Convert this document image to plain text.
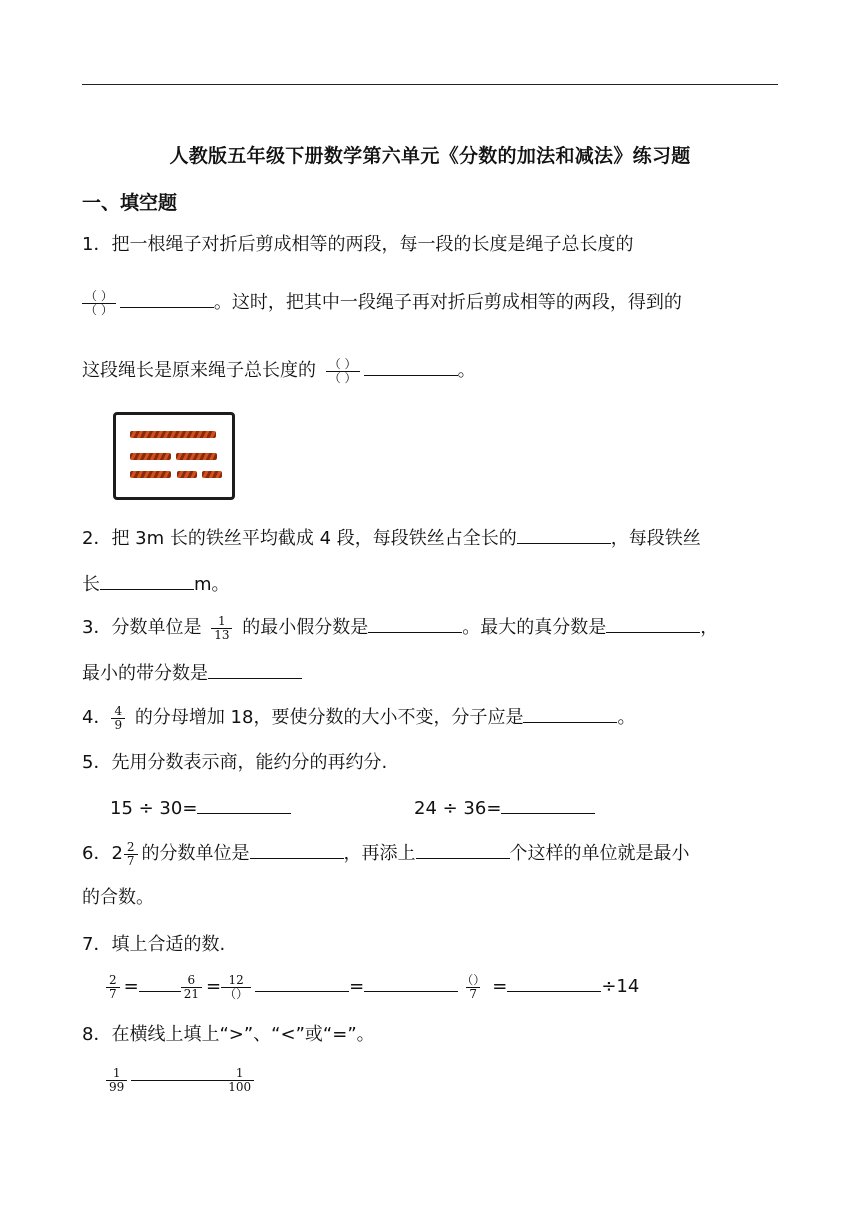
人教版五年级下册数学第六单元《分数的加法和减法》练习题
一、填空题
1．把一根绳子对折后剪成相等的两段，每一段的长度是绳子总长度的
$\frac{( )}{( )}$	。这时，把其中一段绳子再对折后剪成相等的两段，得到的
这段绳长是原来绳子总长度的 $\frac{( )}{( )}$	。
2．把 3m 长的铁丝平均截成 4 段，每段铁丝占全长的	，每段铁丝
长	m。
3．分数单位是 $\frac{1}{13}$ 的最小假分数是	。最大的真分数是	，
最小的带分数是
4． $\frac{4}{9}$ 的分母增加 18，要使分数的大小不变，分子应是	。
5．先用分数表示商，能约分的再约分.
15 ÷ 30=	24 ÷ 36=
6． $2 \frac{2}{7}$ 的分数单位是	，再添上	个这样的单位就是最小
的合数。
7．填上合适的数.
$\frac{2}{7}$ =	$\frac{6}{21} = \frac{12}{()}$	=	$\frac{()}{7}$ =	÷14
8．在横线上填上“>”、“<”或“=”。
$\frac{1}{99}$	$\frac{1}{100}$
